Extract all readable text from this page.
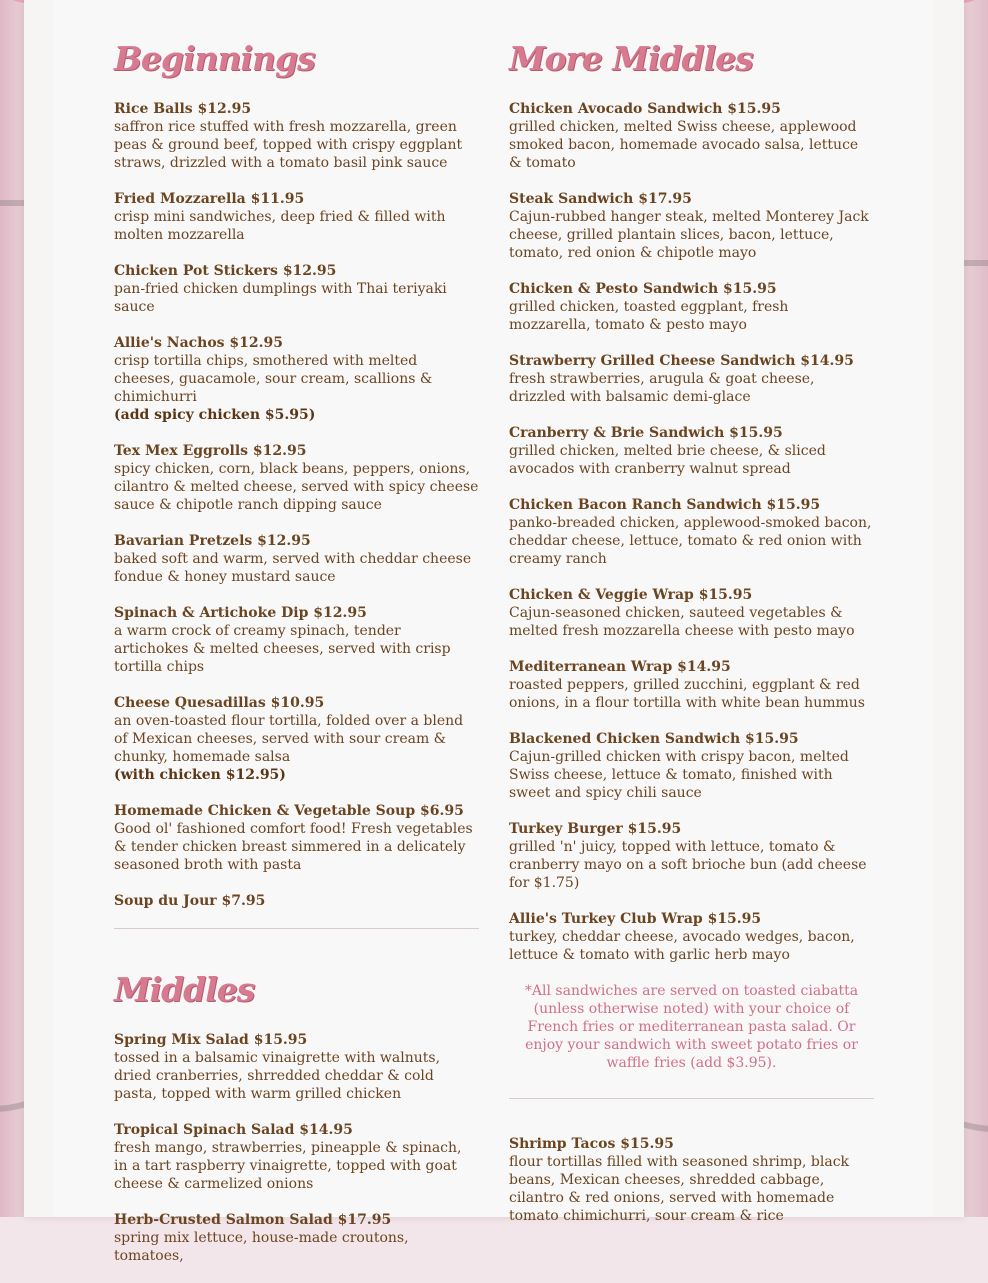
Beginnings
Rice Balls $12.95
saffron rice stuffed with fresh mozzarella, green peas & ground beef, topped with crispy eggplant straws, drizzled with a tomato basil pink sauce
Fried Mozzarella $11.95
crisp mini sandwiches, deep fried & filled with molten mozzarella
Chicken Pot Stickers $12.95
pan-fried chicken dumplings with Thai teriyaki sauce
Allie's Nachos $12.95
crisp tortilla chips, smothered with melted cheeses, guacamole, sour cream, scallions & chimichurri
(add spicy chicken $5.95)
Tex Mex Eggrolls $12.95
spicy chicken, corn, black beans, peppers, onions, cilantro & melted cheese, served with spicy cheese sauce & chipotle ranch dipping sauce
Bavarian Pretzels $12.95
baked soft and warm, served with cheddar cheese fondue & honey mustard sauce
Spinach & Artichoke Dip $12.95
a warm crock of creamy spinach, tender artichokes & melted cheeses, served with crisp tortilla chips
Cheese Quesadillas $10.95
an oven-toasted flour tortilla, folded over a blend of Mexican cheeses, served with sour cream & chunky, homemade salsa
(with chicken $12.95)
Homemade Chicken & Vegetable Soup $6.95
Good ol' fashioned comfort food! Fresh vegetables & tender chicken breast simmered in a delicately seasoned broth with pasta
Soup du Jour $7.95
Middles
Spring Mix Salad $15.95
tossed in a balsamic vinaigrette with walnuts, dried cranberries, shrredded cheddar & cold pasta, topped with warm grilled chicken
Tropical Spinach Salad $14.95
fresh mango, strawberries, pineapple & spinach, in a tart raspberry vinaigrette, topped with goat cheese & carmelized onions
Herb-Crusted Salmon Salad $17.95
spring mix lettuce, house-made croutons, tomatoes,
More Middles
Chicken Avocado Sandwich $15.95
grilled chicken, melted Swiss cheese, applewood smoked bacon, homemade avocado salsa, lettuce & tomato
Steak Sandwich $17.95
Cajun-rubbed hanger steak, melted Monterey Jack cheese, grilled plantain slices, bacon, lettuce, tomato, red onion & chipotle mayo
Chicken & Pesto Sandwich $15.95
grilled chicken, toasted eggplant, fresh mozzarella, tomato & pesto mayo
Strawberry Grilled Cheese Sandwich $14.95
fresh strawberries, arugula & goat cheese, drizzled with balsamic demi-glace
Cranberry & Brie Sandwich $15.95
grilled chicken, melted brie cheese, & sliced avocados with cranberry walnut spread
Chicken Bacon Ranch Sandwich $15.95
panko-breaded chicken, applewood-smoked bacon, cheddar cheese, lettuce, tomato & red onion with creamy ranch
Chicken & Veggie Wrap $15.95
Cajun-seasoned chicken, sauteed vegetables & melted fresh mozzarella cheese with pesto mayo
Mediterranean Wrap $14.95
roasted peppers, grilled zucchini, eggplant & red onions, in a flour tortilla with white bean hummus
Blackened Chicken Sandwich $15.95
Cajun-grilled chicken with crispy bacon, melted Swiss cheese, lettuce & tomato, finished with sweet and spicy chili sauce
Turkey Burger $15.95
grilled 'n' juicy, topped with lettuce, tomato & cranberry mayo on a soft brioche bun (add cheese for $1.75)
Allie's Turkey Club Wrap $15.95
turkey, cheddar cheese, avocado wedges, bacon, lettuce & tomato with garlic herb mayo
*All sandwiches are served on toasted ciabatta (unless otherwise noted) with your choice of French fries or mediterranean pasta salad. Or enjoy your sandwich with sweet potato fries or waffle fries (add $3.95).
Shrimp Tacos $15.95
flour tortillas filled with seasoned shrimp, black beans, Mexican cheeses, shredded cabbage, cilantro & red onions, served with homemade tomato chimichurri, sour cream & rice
